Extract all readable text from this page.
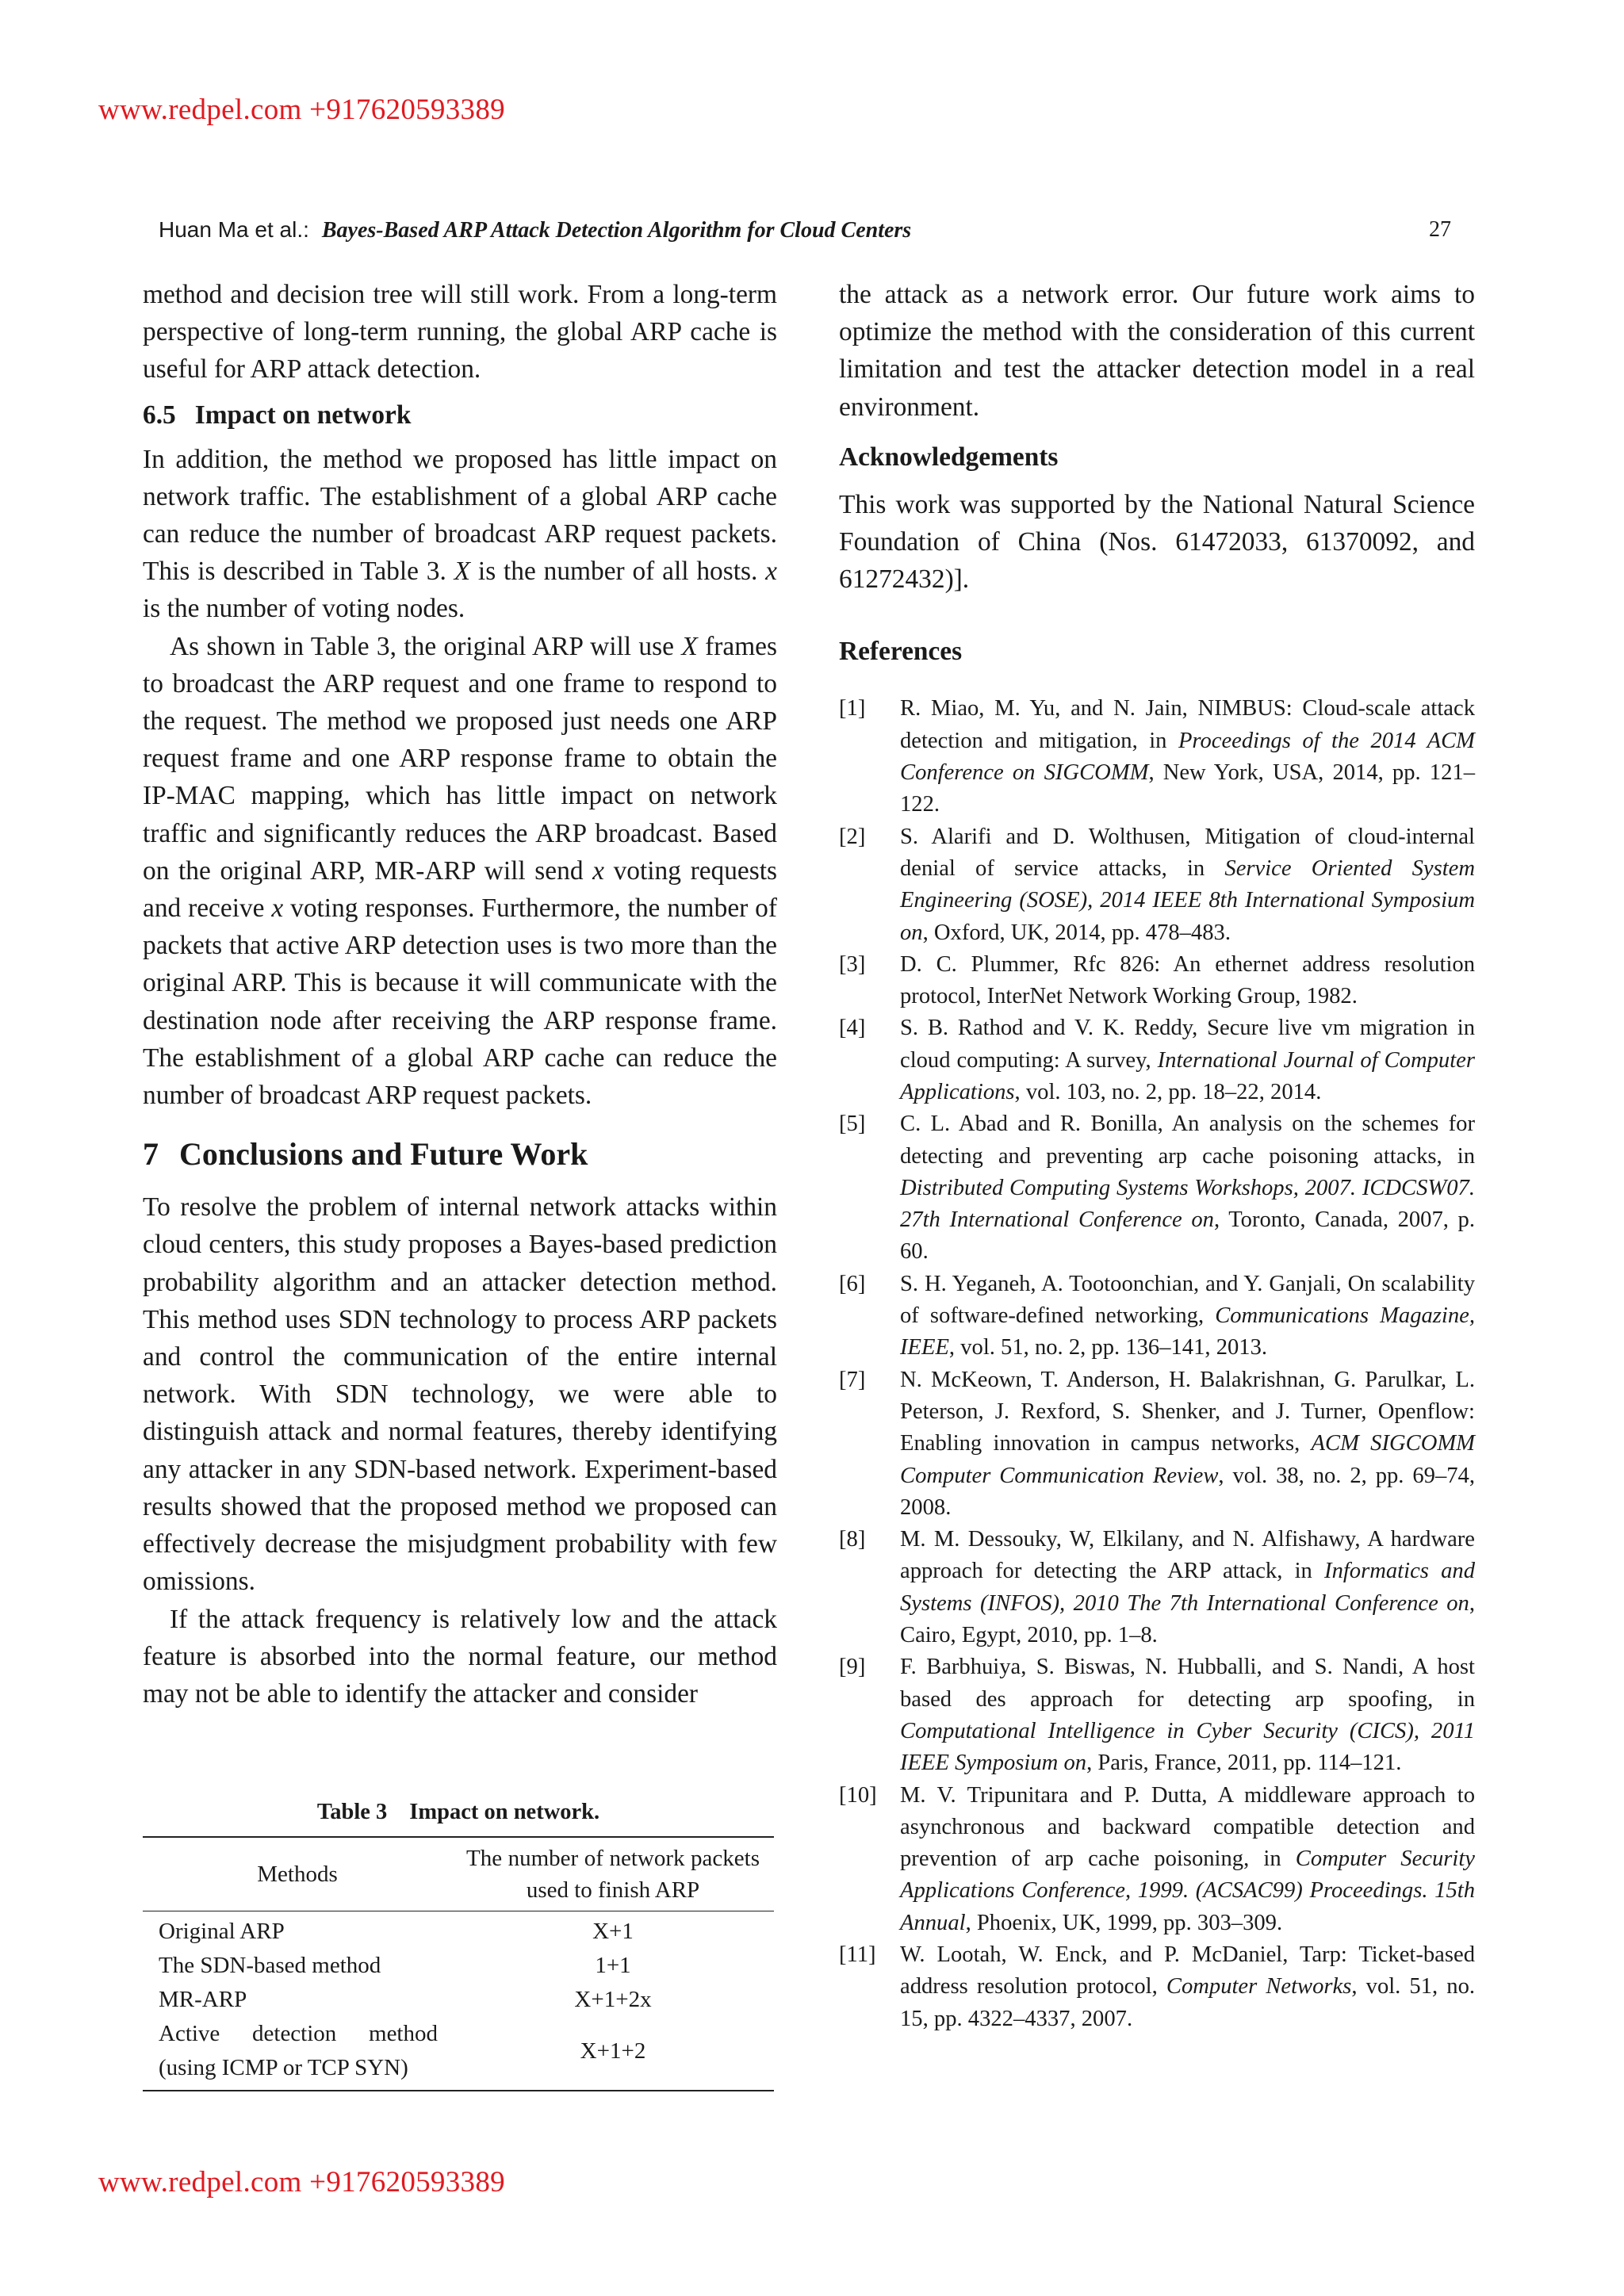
www.redpel.com +917620593389
www.redpel.com +917620593389
Huan Ma et al.: Bayes-Based ARP Attack Detection Algorithm for Cloud Centers	27

method and decision tree will still work. From a long-term perspective of long-term running, the global ARP cache is useful for ARP attack detection.

6.5 Impact on network

In addition, the method we proposed has little impact on network traffic. The establishment of a global ARP cache can reduce the number of broadcast ARP request packets. This is described in Table 3. X is the number of all hosts. x is the number of voting nodes.

As shown in Table 3, the original ARP will use X frames to broadcast the ARP request and one frame to respond to the request. The method we proposed just needs one ARP request frame and one ARP response frame to obtain the IP-MAC mapping, which has little impact on network traffic and significantly reduces the ARP broadcast. Based on the original ARP, MR-ARP will send x voting requests and receive x voting responses. Furthermore, the number of packets that active ARP detection uses is two more than the original ARP. This is because it will communicate with the destination node after receiving the ARP response frame. The establishment of a global ARP cache can reduce the number of broadcast ARP request packets.

7 Conclusions and Future Work

To resolve the problem of internal network attacks within cloud centers, this study proposes a Bayes-based prediction probability algorithm and an attacker detection method. This method uses SDN technology to process ARP packets and control the communication of the entire internal network. With SDN technology, we were able to distinguish attack and normal features, thereby identifying any attacker in any SDN-based network. Experiment-based results showed that the proposed method we proposed can effectively decrease the misjudgment probability with few omissions.

If the attack frequency is relatively low and the attack feature is absorbed into the normal feature, our method may not be able to identify the attacker and consider

Table 3 Impact on network.
Methods	The number of network packets used to finish ARP
Original ARP	X+1
The SDN-based method	1+1
MR-ARP	X+1+2x
Active detection method (using ICMP or TCP SYN)	X+1+2

the attack as a network error. Our future work aims to optimize the method with the consideration of this current limitation and test the attacker detection model in a real environment.

Acknowledgements

This work was supported by the National Natural Science Foundation of China (Nos. 61472033, 61370092, and 61272432)].

References
[1]	R. Miao, M. Yu, and N. Jain, NIMBUS: Cloud-scale attack detection and mitigation, in Proceedings of the 2014 ACM Conference on SIGCOMM, New York, USA, 2014, pp. 121–122.
[2]	S. Alarifi and D. Wolthusen, Mitigation of cloud-internal denial of service attacks, in Service Oriented System Engineering (SOSE), 2014 IEEE 8th International Symposium on, Oxford, UK, 2014, pp. 478–483.
[3]	D. C. Plummer, Rfc 826: An ethernet address resolution protocol, InterNet Network Working Group, 1982.
[4]	S. B. Rathod and V. K. Reddy, Secure live vm migration in cloud computing: A survey, International Journal of Computer Applications, vol. 103, no. 2, pp. 18–22, 2014.
[5]	C. L. Abad and R. Bonilla, An analysis on the schemes for detecting and preventing arp cache poisoning attacks, in Distributed Computing Systems Workshops, 2007. ICDCSW07. 27th International Conference on, Toronto, Canada, 2007, p. 60.
[6]	S. H. Yeganeh, A. Tootoonchian, and Y. Ganjali, On scalability of software-defined networking, Communications Magazine, IEEE, vol. 51, no. 2, pp. 136–141, 2013.
[7]	N. McKeown, T. Anderson, H. Balakrishnan, G. Parulkar, L. Peterson, J. Rexford, S. Shenker, and J. Turner, Openflow: Enabling innovation in campus networks, ACM SIGCOMM Computer Communication Review, vol. 38, no. 2, pp. 69–74, 2008.
[8]	M. M. Dessouky, W, Elkilany, and N. Alfishawy, A hardware approach for detecting the ARP attack, in Informatics and Systems (INFOS), 2010 The 7th International Conference on, Cairo, Egypt, 2010, pp. 1–8.
[9]	F. Barbhuiya, S. Biswas, N. Hubballi, and S. Nandi, A host based des approach for detecting arp spoofing, in Computational Intelligence in Cyber Security (CICS), 2011 IEEE Symposium on, Paris, France, 2011, pp. 114–121.
[10]	M. V. Tripunitara and P. Dutta, A middleware approach to asynchronous and backward compatible detection and prevention of arp cache poisoning, in Computer Security Applications Conference, 1999. (ACSAC99) Proceedings. 15th Annual, Phoenix, UK, 1999, pp. 303–309.
[11]	W. Lootah, W. Enck, and P. McDaniel, Tarp: Ticket-based address resolution protocol, Computer Networks, vol. 51, no. 15, pp. 4322–4337, 2007.
